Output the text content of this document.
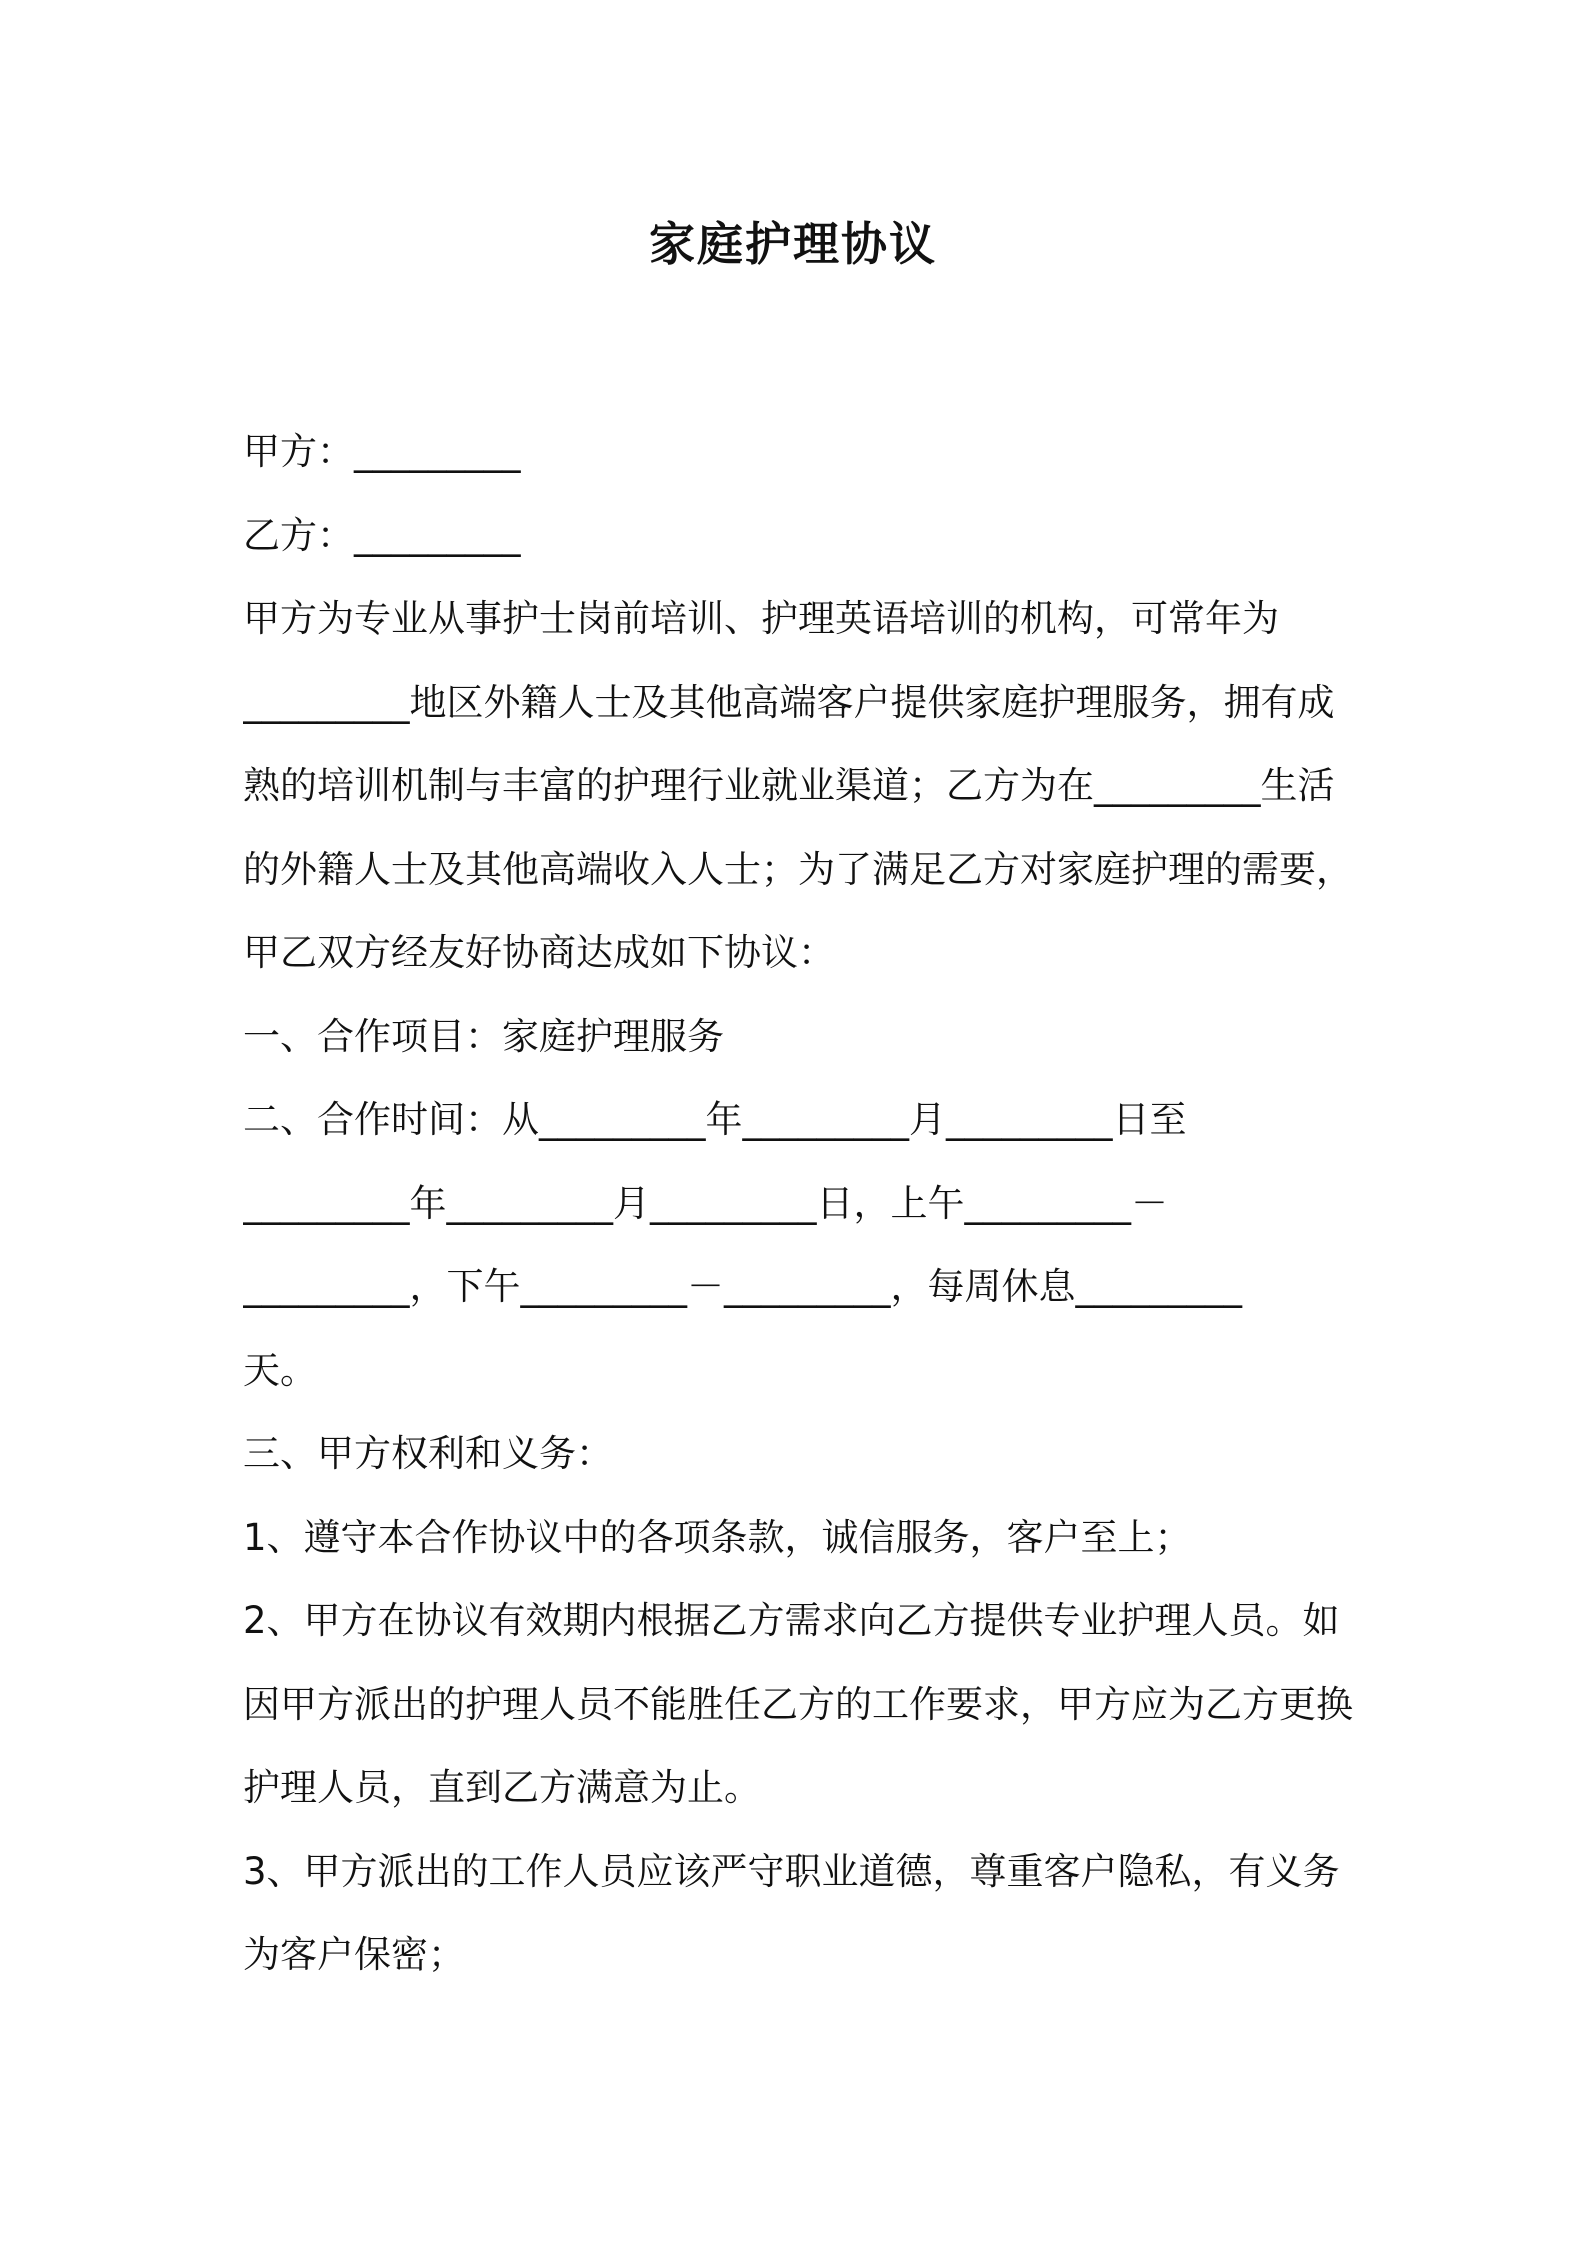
家庭护理协议
甲方：_________
乙方：_________
甲方为专业从事护士岗前培训、护理英语培训的机构，可常年为
_________地区外籍人士及其他高端客户提供家庭护理服务，拥有成
熟的培训机制与丰富的护理行业就业渠道；乙方为在_________生活
的外籍人士及其他高端收入人士；为了满足乙方对家庭护理的需要，
甲乙双方经友好协商达成如下协议：
一、合作项目：家庭护理服务
二、合作时间：从_________年_________月_________日至
_________年_________月_________日，上午_________－
_________，下午_________－_________，每周休息_________
天。
三、甲方权利和义务：
1、遵守本合作协议中的各项条款，诚信服务，客户至上；
2、甲方在协议有效期内根据乙方需求向乙方提供专业护理人员。如
因甲方派出的护理人员不能胜任乙方的工作要求，甲方应为乙方更换
护理人员，直到乙方满意为止。
3、甲方派出的工作人员应该严守职业道德，尊重客户隐私，有义务
为客户保密；
